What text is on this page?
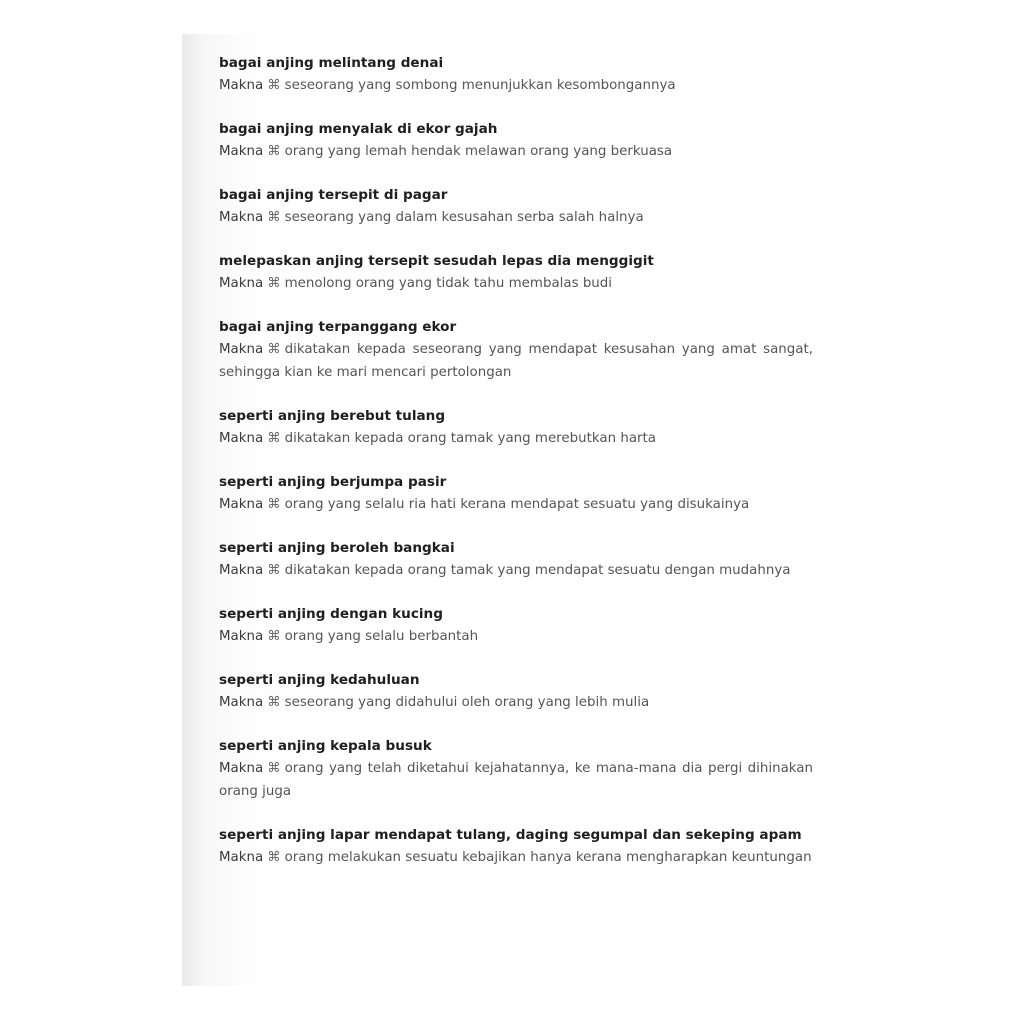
bagai anjing melintang denai
Makna ⌘ seseorang yang sombong menunjukkan kesombongannya
bagai anjing menyalak di ekor gajah
Makna ⌘ orang yang lemah hendak melawan orang yang berkuasa
bagai anjing tersepit di pagar
Makna ⌘ seseorang yang dalam kesusahan serba salah halnya
melepaskan anjing tersepit sesudah lepas dia menggigit
Makna ⌘ menolong orang yang tidak tahu membalas budi
bagai anjing terpanggang ekor
Makna ⌘ dikatakan kepada seseorang yang mendapat kesusahan yang amat sangat, sehingga kian ke mari mencari pertolongan
seperti anjing berebut tulang
Makna ⌘ dikatakan kepada orang tamak yang merebutkan harta
seperti anjing berjumpa pasir
Makna ⌘ orang yang selalu ria hati kerana mendapat sesuatu yang disukainya
seperti anjing beroleh bangkai
Makna ⌘ dikatakan kepada orang tamak yang mendapat sesuatu dengan mudahnya
seperti anjing dengan kucing
Makna ⌘ orang yang selalu berbantah
seperti anjing kedahuluan
Makna ⌘ seseorang yang didahului oleh orang yang lebih mulia
seperti anjing kepala busuk
Makna ⌘ orang yang telah diketahui kejahatannya, ke mana-mana dia pergi dihinakan orang juga
seperti anjing lapar mendapat tulang, daging segumpal dan sekeping apam
Makna ⌘ orang melakukan sesuatu kebajikan hanya kerana mengharapkan keuntungan
